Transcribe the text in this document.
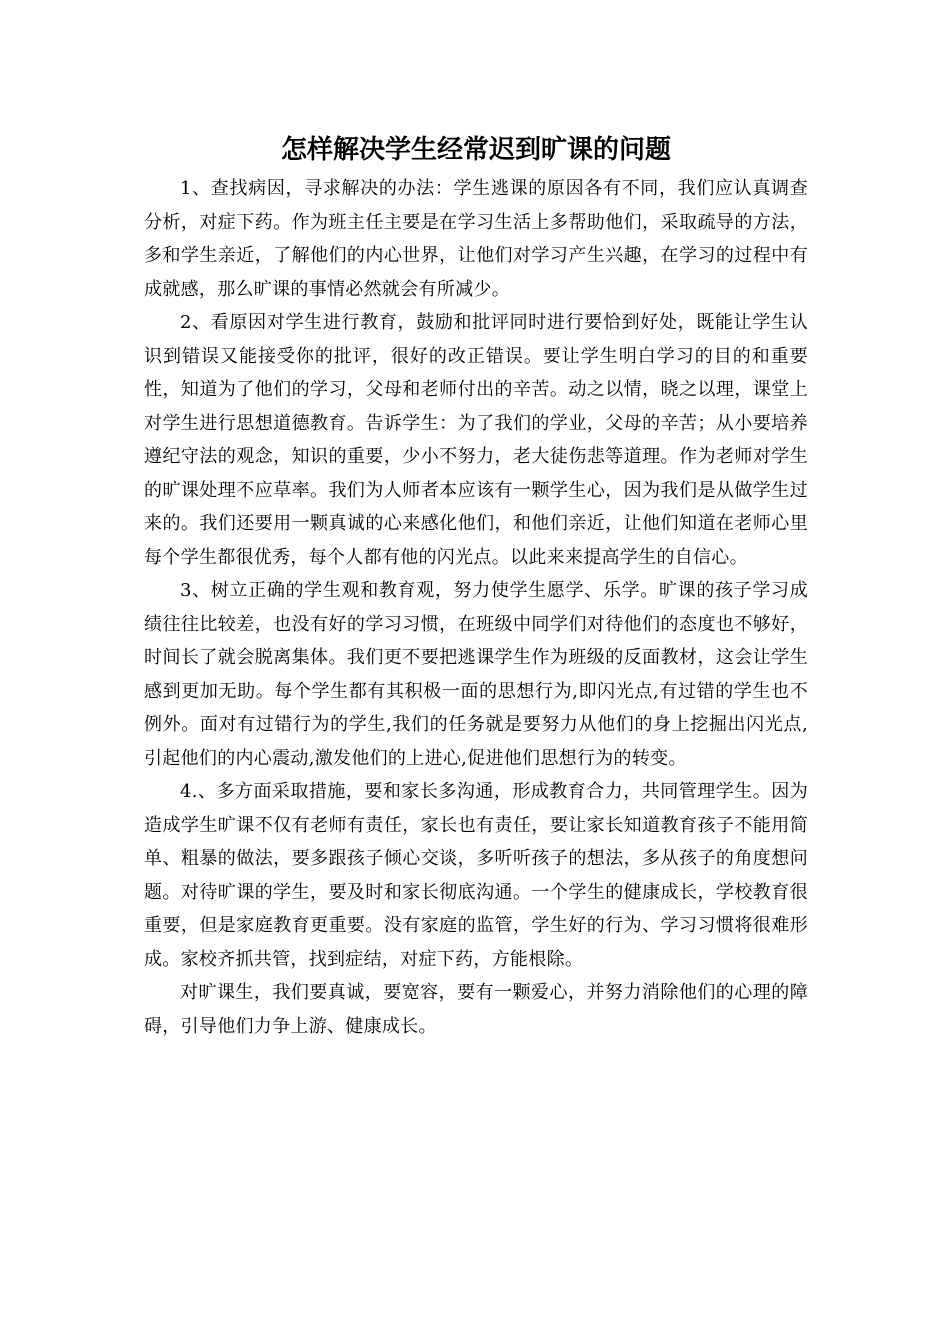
怎样解决学生经常迟到旷课的问题

1、查找病因，寻求解决的办法：学生逃课的原因各有不同，我们应认真调查分析，对症下药。作为班主任主要是在学习生活上多帮助他们，采取疏导的方法，多和学生亲近，了解他们的内心世界，让他们对学习产生兴趣，在学习的过程中有成就感，那么旷课的事情必然就会有所减少。

2、看原因对学生进行教育，鼓励和批评同时进行要恰到好处，既能让学生认识到错误又能接受你的批评，很好的改正错误。要让学生明白学习的目的和重要性，知道为了他们的学习，父母和老师付出的辛苦。动之以情，晓之以理，课堂上对学生进行思想道德教育。告诉学生：为了我们的学业，父母的辛苦；从小要培养遵纪守法的观念，知识的重要，少小不努力，老大徒伤悲等道理。作为老师对学生的旷课处理不应草率。我们为人师者本应该有一颗学生心，因为我们是从做学生过来的。我们还要用一颗真诚的心来感化他们，和他们亲近，让他们知道在老师心里每个学生都很优秀，每个人都有他的闪光点。以此来来提高学生的自信心。

3、树立正确的学生观和教育观，努力使学生愿学、乐学。旷课的孩子学习成绩往往比较差，也没有好的学习习惯，在班级中同学们对待他们的态度也不够好，时间长了就会脱离集体。我们更不要把逃课学生作为班级的反面教材，这会让学生感到更加无助。每个学生都有其积极一面的思想行为,即闪光点,有过错的学生也不例外。面对有过错行为的学生,我们的任务就是要努力从他们的身上挖掘出闪光点,引起他们的内心震动,激发他们的上进心,促进他们思想行为的转变。

4.、多方面采取措施，要和家长多沟通，形成教育合力，共同管理学生。因为造成学生旷课不仅有老师有责任，家长也有责任，要让家长知道教育孩子不能用简单、粗暴的做法，要多跟孩子倾心交谈，多听听孩子的想法，多从孩子的角度想问题。对待旷课的学生，要及时和家长彻底沟通。一个学生的健康成长，学校教育很重要，但是家庭教育更重要。没有家庭的监管，学生好的行为、学习习惯将很难形成。家校齐抓共管，找到症结，对症下药，方能根除。

对旷课生，我们要真诚，要宽容，要有一颗爱心，并努力消除他们的心理的障碍，引导他们力争上游、健康成长。
